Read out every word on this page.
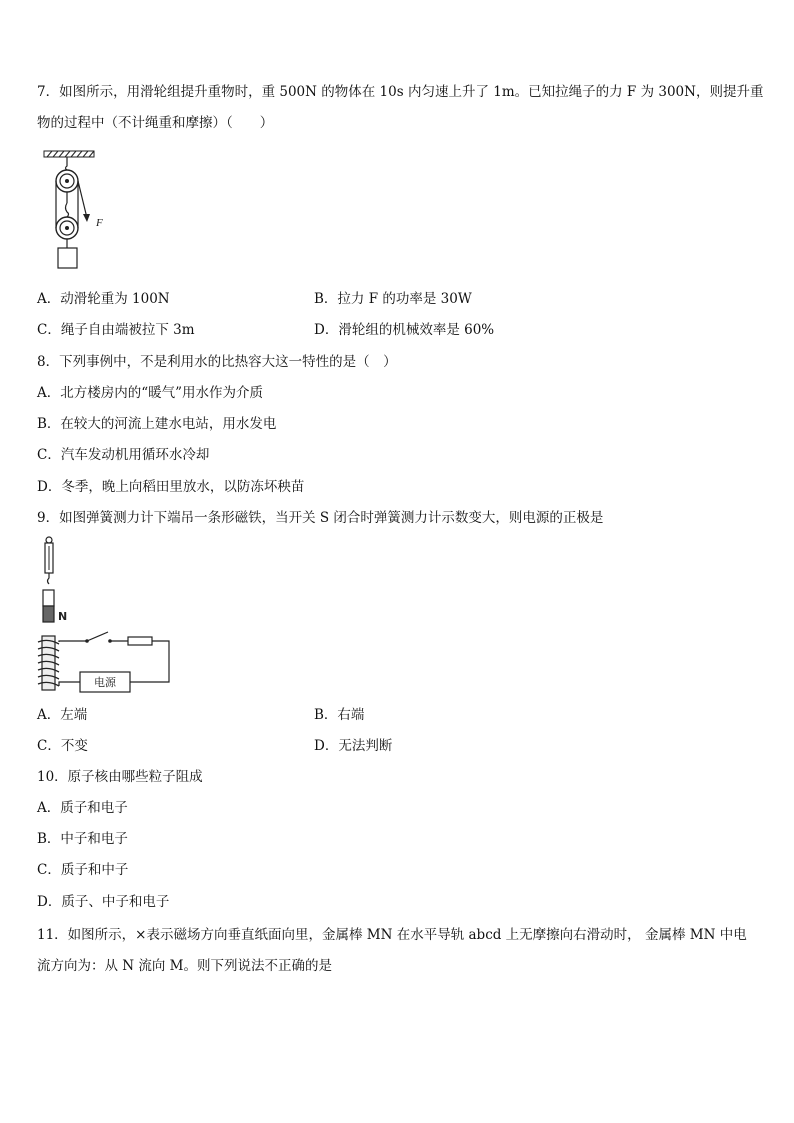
7．如图所示，用滑轮组提升重物时，重 500N 的物体在 10s 内匀速上升了 1m。已知拉绳子的力 F 为 300N，则提升重
物的过程中（不计绳重和摩擦）（　　）
F
A．动滑轮重为 100N	B．拉力 F 的功率是 30W
C．绳子自由端被拉下 3m	D．滑轮组的机械效率是 60%
8．下列事例中，不是利用水的比热容大这一特性的是（　）
A．北方楼房内的“暖气”用水作为介质
B．在较大的河流上建水电站，用水发电
C．汽车发动机用循环水冷却
D．冬季，晚上向稻田里放水，以防冻坏秧苗
9．如图弹簧测力计下端吊一条形磁铁，当开关 S 闭合时弹簧测力计示数变大，则电源的正极是
N
电源
A．左端	B．右端
C．不变	D．无法判断
10．原子核由哪些粒子阻成
A．质子和电子
B．中子和电子
C．质子和中子
D．质子、中子和电子
11．如图所示，×表示磁场方向垂直纸面向里，金属棒 MN 在水平导轨 abcd 上无摩擦向右滑动时， 金属棒 MN 中电
流方向为：从 N 流向 M。则下列说法不正确的是
